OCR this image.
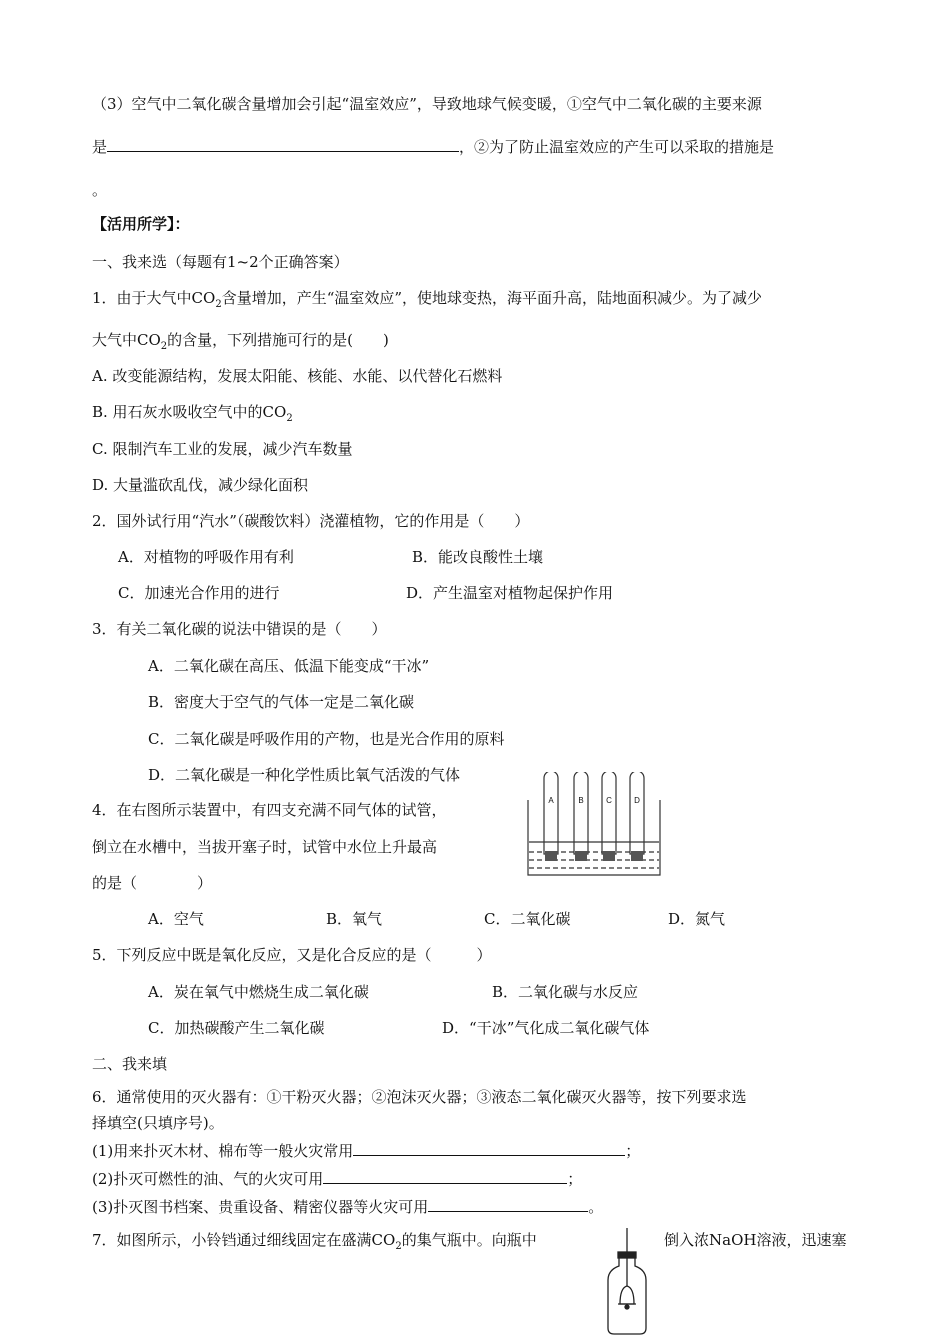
（3）空气中二氧化碳含量增加会引起“温室效应”，导致地球气候变暖，①空气中二氧化碳的主要来源
是	，②为了防止温室效应的产生可以采取的措施是
。
【活用所学】：
一、我来选（每题有1~2个正确答案）
1．由于大气中$CO_2$含量增加，产生“温室效应”，使地球变热，海平面升高，陆地面积减少。为了减少
大气中$CO_2$的含量，下列措施可行的是(　　)
A. 改变能源结构，发展太阳能、核能、水能、以代替化石燃料
B. 用石灰水吸收空气中的$CO_2$
C. 限制汽车工业的发展，减少汽车数量
D. 大量滥砍乱伐，减少绿化面积
2．国外试行用“汽水”（碳酸饮料）浇灌植物，它的作用是（　　）
A．对植物的呼吸作用有利	B．能改良酸性土壤
C．加速光合作用的进行	D．产生温室对植物起保护作用
3．有关二氧化碳的说法中错误的是（　　）
A．二氧化碳在高压、低温下能变成“干冰”
B．密度大于空气的气体一定是二氧化碳
C．二氧化碳是呼吸作用的产物，也是光合作用的原料
D．二氧化碳是一种化学性质比氧气活泼的气体
4．在右图所示装置中，有四支充满不同气体的试管，
倒立在水槽中，当拔开塞子时，试管中水位上升最高
的是（　　　　）
A	B	C	D
A．空气	B．氧气	C．二氧化碳	D．氮气
5．下列反应中既是氧化反应，又是化合反应的是（　　　）
A．炭在氧气中燃烧生成二氧化碳	B．二氧化碳与水反应
C．加热碳酸产生二氧化碳	D．“干冰”气化成二氧化碳气体
二、我来填
6．通常使用的灭火器有：①干粉灭火器；②泡沫灭火器；③液态二氧化碳灭火器等，按下列要求选
择填空(只填序号)。
(1)用来扑灭木材、棉布等一般火灾常用	；
(2)扑灭可燃性的油、气的火灾可用	；
(3)扑灭图书档案、贵重设备、精密仪器等火灾可用	。
7．如图所示，小铃铛通过细线固定在盛满$CO_2$的集气瓶中。向瓶中	倒入浓NaOH溶液，迅速塞
